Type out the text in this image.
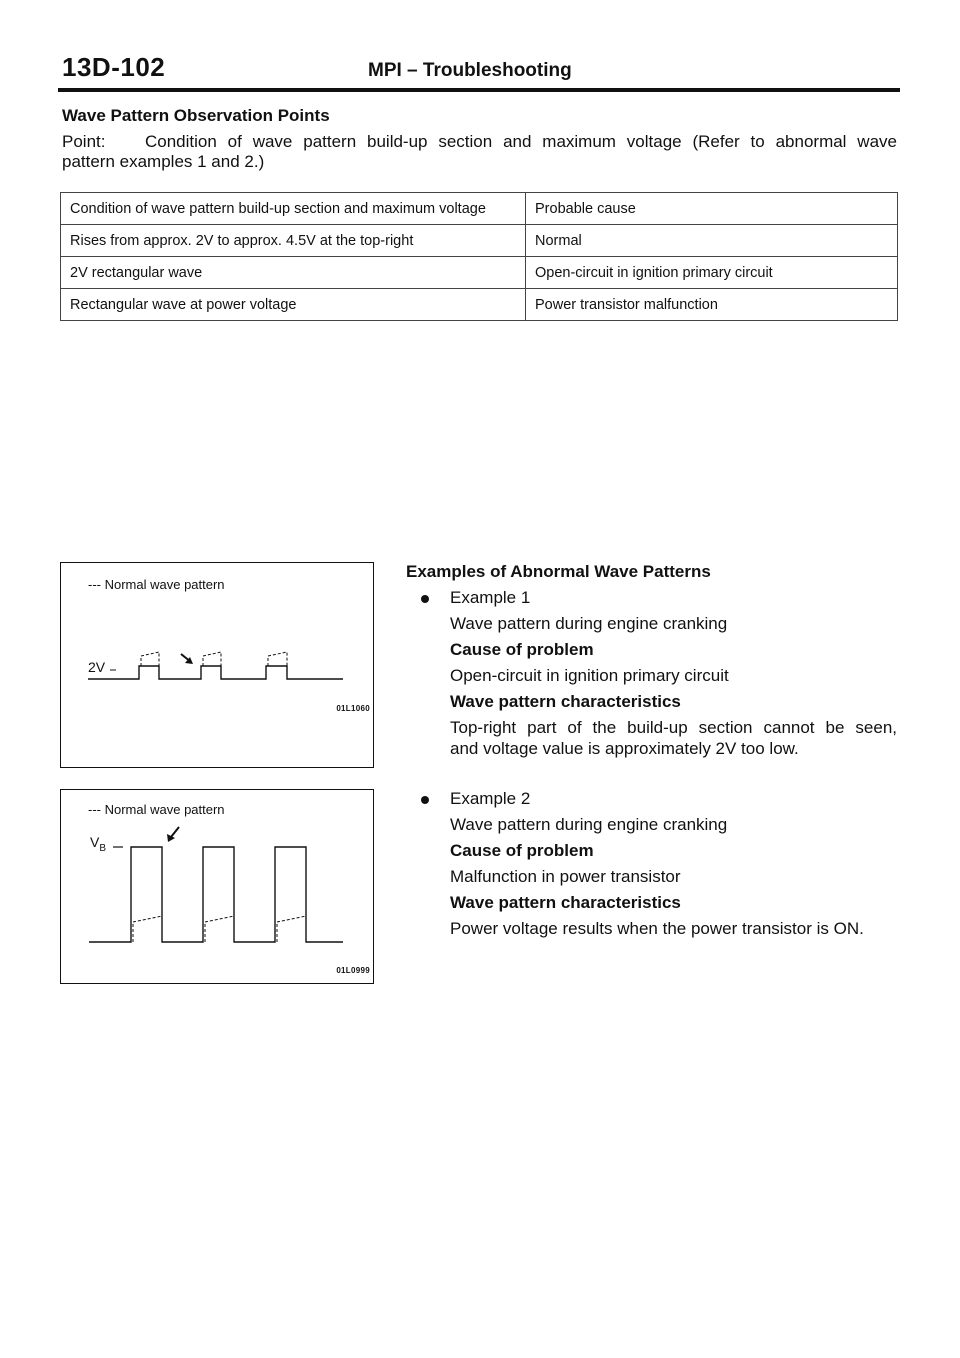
13D-102	MPI – Troubleshooting
Wave Pattern Observation Points
Point: Condition of wave pattern build-up section and maximum voltage (Refer to abnormal wave
pattern examples 1 and 2.)
Condition of wave pattern build-up section and maximum voltage	Probable cause
Rises from approx. 2V to approx. 4.5V at the top-right	Normal
2V rectangular wave	Open-circuit in ignition primary circuit
Rectangular wave at power voltage	Power transistor malfunction
--- Normal wave pattern
2V
01L1060
--- Normal wave pattern
$V_B$
01L0999
Examples of Abnormal Wave Patterns
Example 1
Wave pattern during engine cranking
Cause of problem
Open-circuit in ignition primary circuit
Wave pattern characteristics
Top-right part of the build-up section cannot be seen,
and voltage value is approximately 2V too low.
Example 2
Wave pattern during engine cranking
Cause of problem
Malfunction in power transistor
Wave pattern characteristics
Power voltage results when the power transistor is ON.
